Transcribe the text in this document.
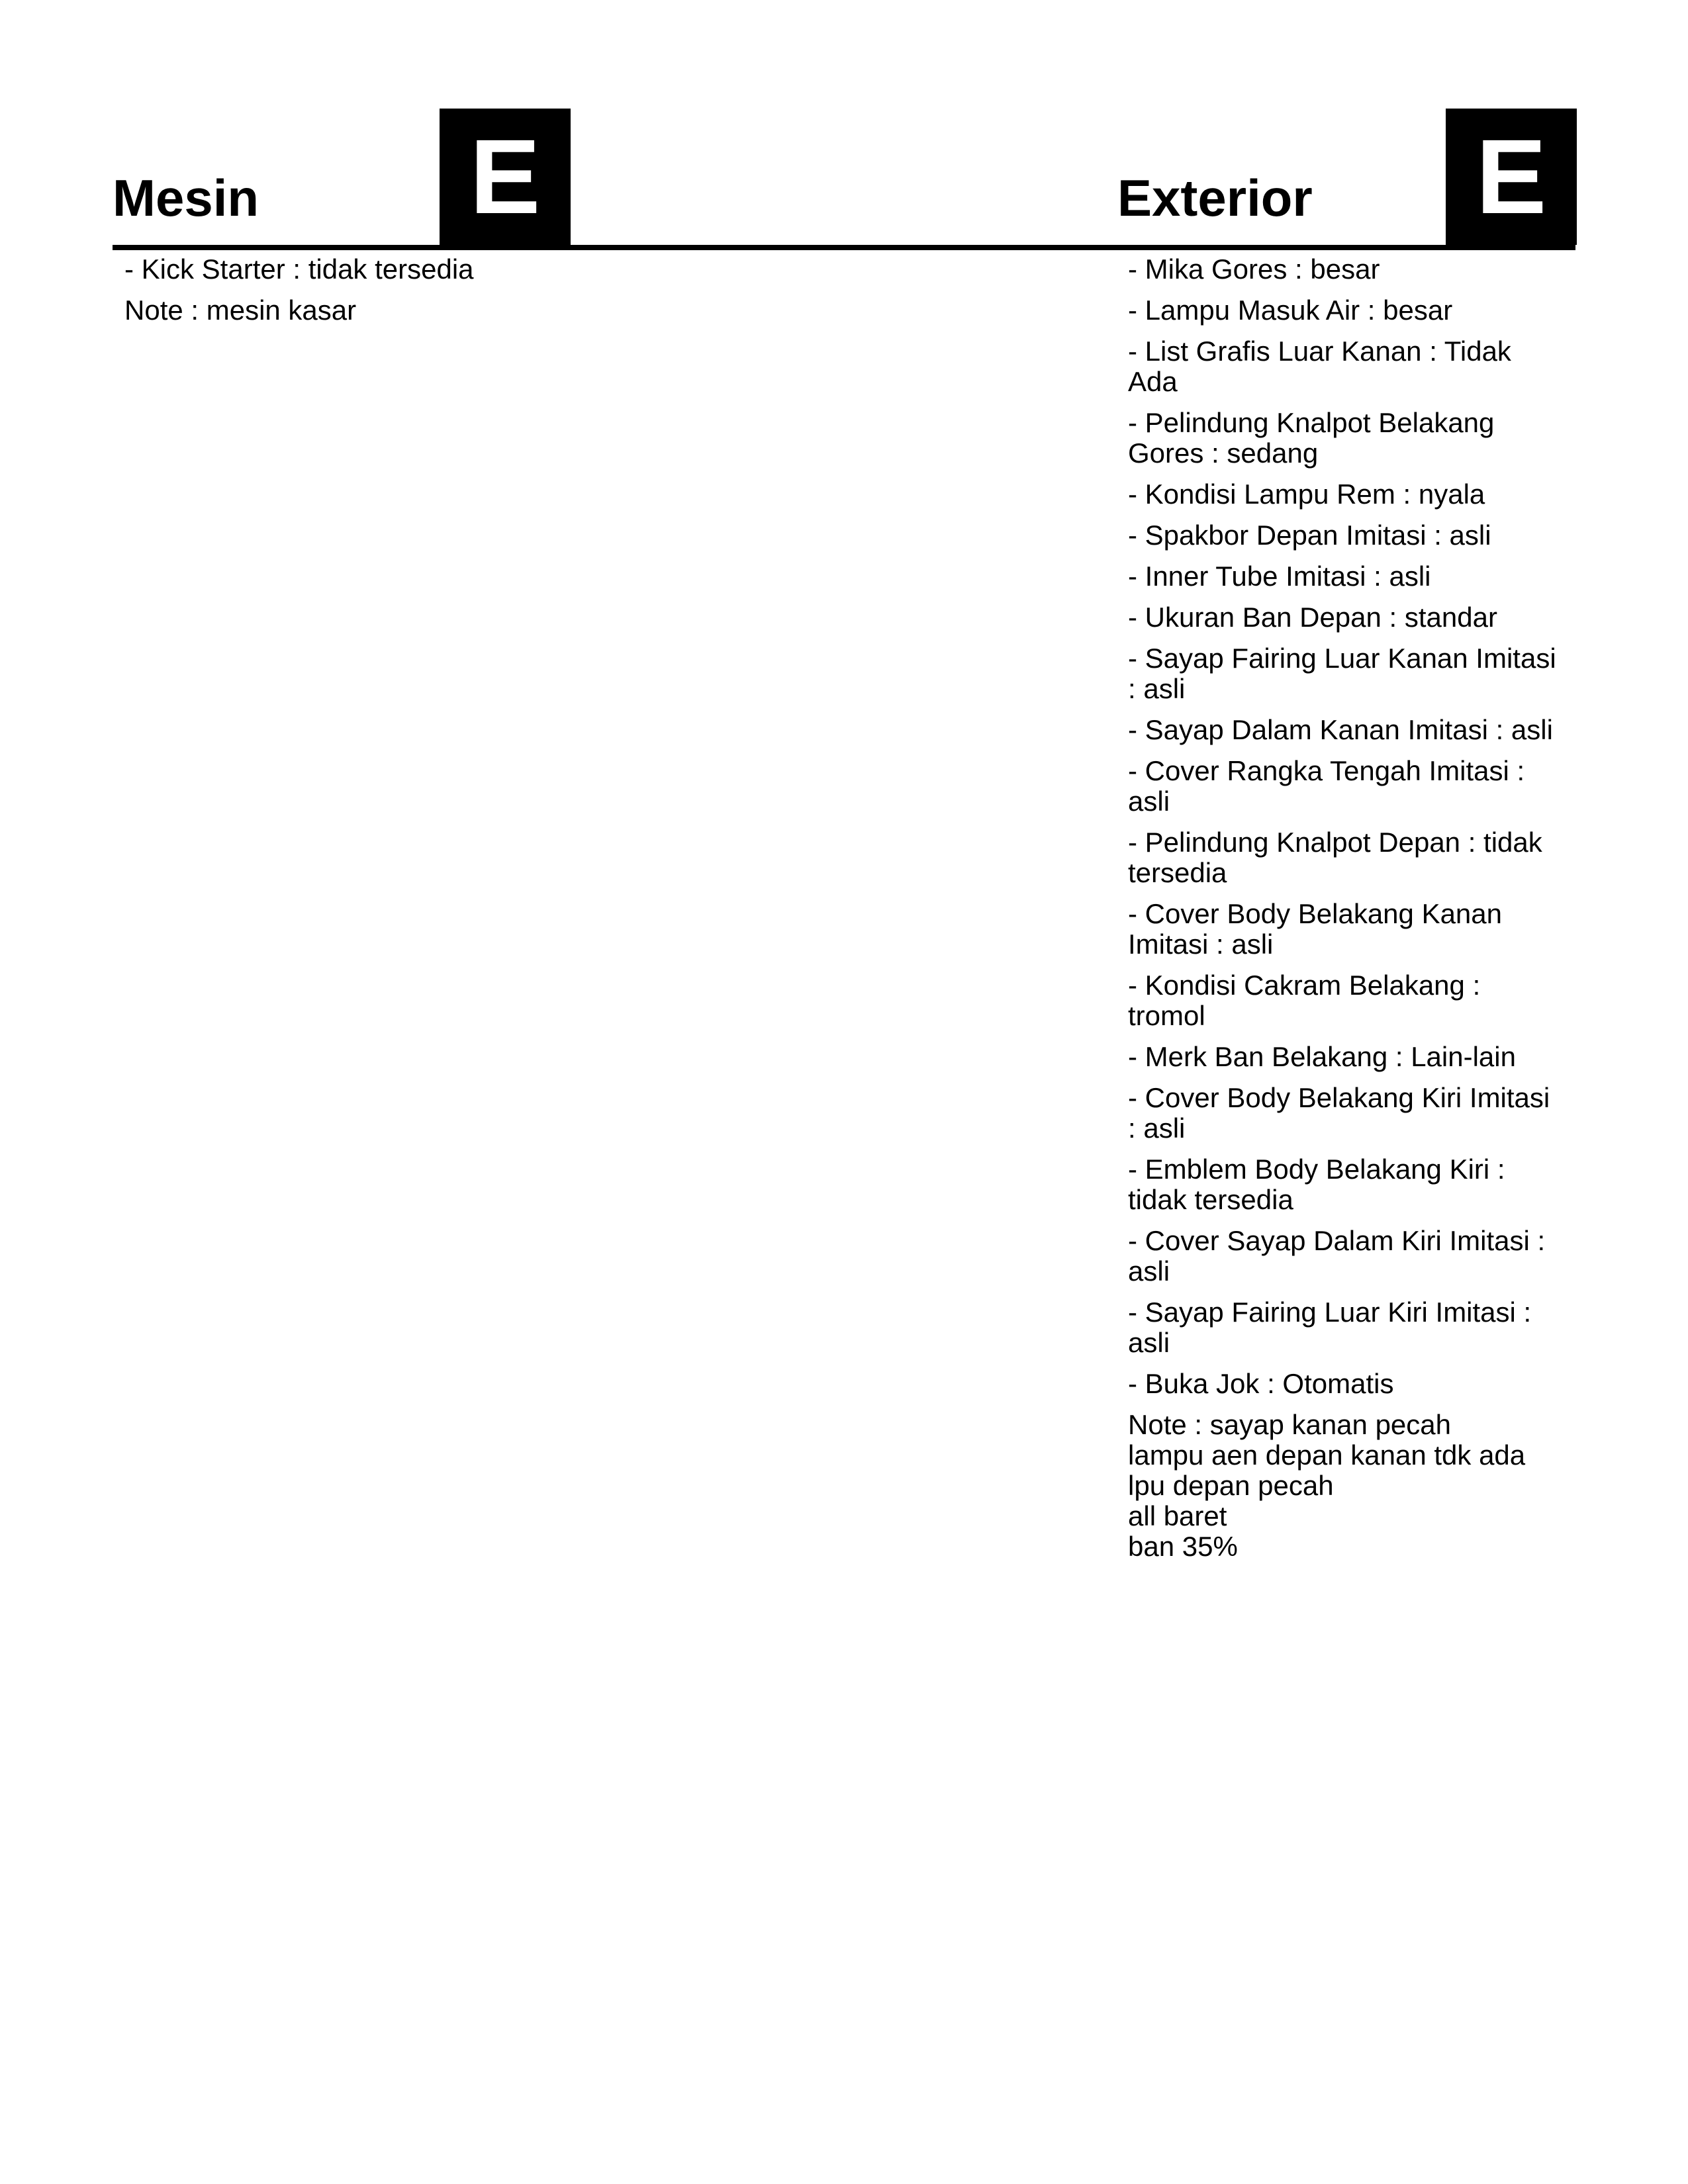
Mesin E
- Kick Starter : tidak tersedia
Note : mesin kasar
Exterior E
- Mika Gores : besar
- Lampu Masuk Air : besar
- List Grafis Luar Kanan : Tidak Ada
- Pelindung Knalpot Belakang Gores : sedang
- Kondisi Lampu Rem : nyala
- Spakbor Depan Imitasi : asli
- Inner Tube Imitasi : asli
- Ukuran Ban Depan : standar
- Sayap Fairing Luar Kanan Imitasi : asli
- Sayap Dalam Kanan Imitasi : asli
- Cover Rangka Tengah Imitasi : asli
- Pelindung Knalpot Depan : tidak tersedia
- Cover Body Belakang Kanan Imitasi : asli
- Kondisi Cakram Belakang : tromol
- Merk Ban Belakang : Lain-lain
- Cover Body Belakang Kiri Imitasi : asli
- Emblem Body Belakang Kiri : tidak tersedia
- Cover Sayap Dalam Kiri Imitasi : asli
- Sayap Fairing Luar Kiri Imitasi : asli
- Buka Jok : Otomatis
Note : sayap kanan pecah
lampu aen depan kanan tdk ada
lpu depan pecah
all baret
ban 35%
